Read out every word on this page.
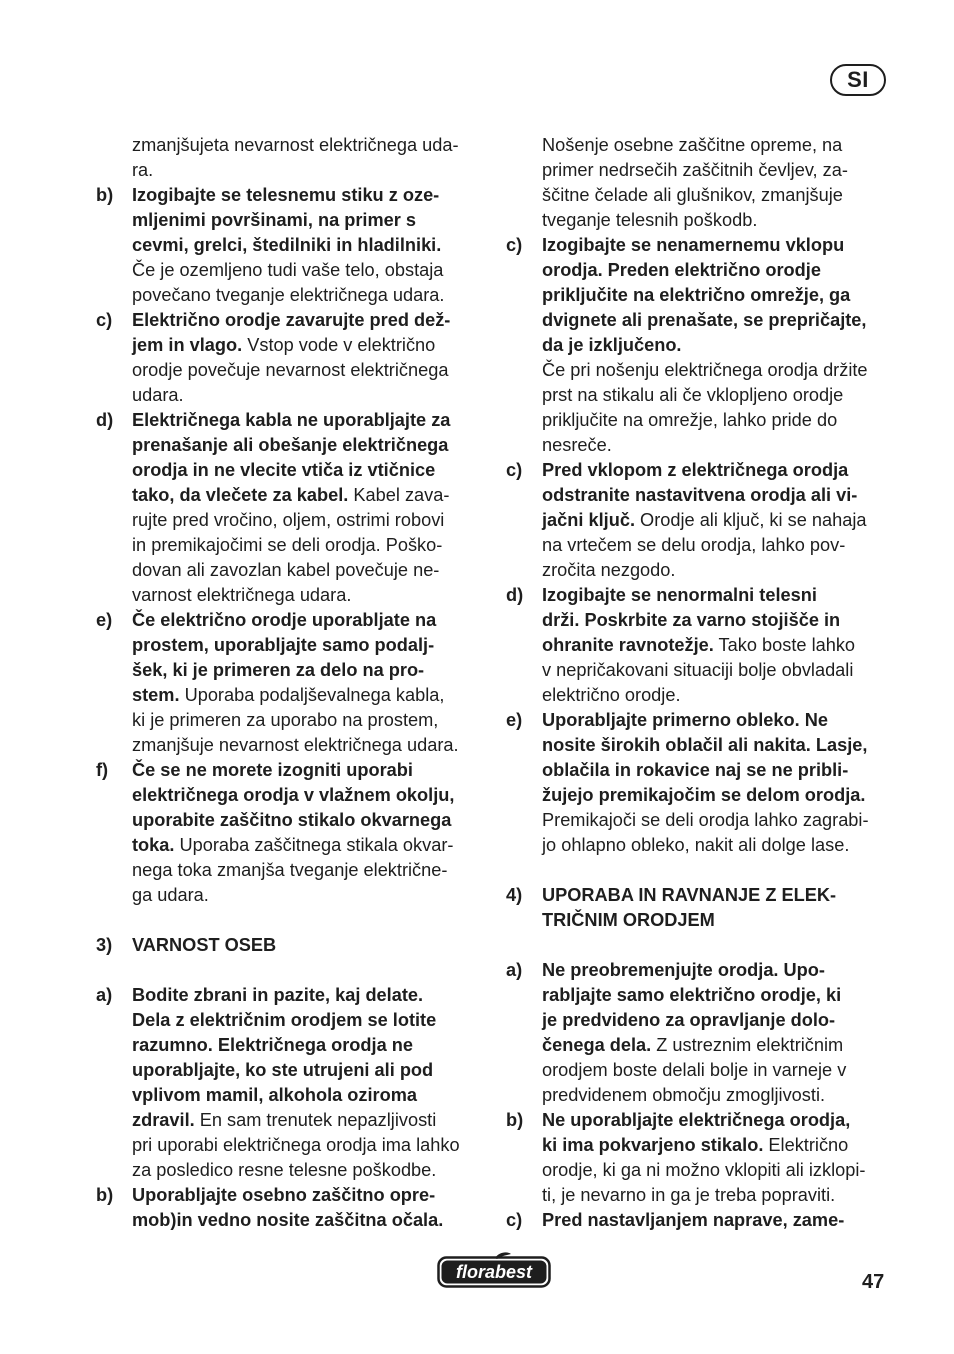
SI
zmanjšujeta nevarnost električnega uda-
ra.
b) Izogibajte se telesnemu stiku z oze-
mljenimi površinami, na primer s
cevmi, grelci, štedilniki in hladilniki.
Če je ozemljeno tudi vaše telo, obstaja
povečano tveganje električnega udara.
c) Električno orodje zavarujte pred dež-
jem in vlago. Vstop vode v električno
orodje povečuje nevarnost električnega
udara.
d) Električnega kabla ne uporabljajte za
prenašanje ali obešanje električnega
orodja in ne vlecite vtiča iz vtičnice
tako, da vlečete za kabel. Kabel zava-
rujte pred vročino, oljem, ostrimi robovi
in premikajočimi se deli orodja. Poško-
dovan ali zavozlan kabel povečuje ne-
varnost električnega udara.
e) Če električno orodje uporabljate na
prostem, uporabljajte samo podalj-
šek, ki je primeren za delo na pro-
stem. Uporaba podaljševalnega kabla,
ki je primeren za uporabo na prostem,
zmanjšuje nevarnost električnega udara.
f) Če se ne morete izogniti uporabi
električnega orodja v vlažnem okolju,
uporabite zaščitno stikalo okvarnega
toka. Uporaba zaščitnega stikala okvar-
nega toka zmanjša tveganje električne-
ga udara.
3) VARNOST OSEB
a) Bodite zbrani in pazite, kaj delate.
Dela z električnim orodjem se lotite
razumno. Električnega orodja ne
uporabljajte, ko ste utrujeni ali pod
vplivom mamil, alkohola oziroma
zdravil. En sam trenutek nepazljivosti
pri uporabi električnega orodja ima lahko
za posledico resne telesne poškodbe.
b) Uporabljajte osebno zaščitno opre-
mob)in vedno nosite zaščitna očala.
Nošenje osebne zaščitne opreme, na
primer nedrsečih zaščitnih čevljev, za-
ščitne čelade ali glušnikov, zmanjšuje
tveganje telesnih poškodb.
c) Izogibajte se nenamernemu vklopu
orodja. Preden električno orodje
priključite na električno omrežje, ga
dvignete ali prenašate, se prepričajte,
da je izključeno.
Če pri nošenju električnega orodja držite
prst na stikalu ali če vklopljeno orodje
priključite na omrežje, lahko pride do
nesreče.
c) Pred vklopom z električnega orodja
odstranite nastavitvena orodja ali vi-
jačni ključ. Orodje ali ključ, ki se nahaja
na vrtečem se delu orodja, lahko pov-
zročita nezgodo.
d) Izogibajte se nenormalni telesni
drži. Poskrbite za varno stojišče in
ohranite ravnotežje. Tako boste lahko
v nepričakovani situaciji bolje obvladali
električno orodje.
e) Uporabljajte primerno obleko. Ne
nosite širokih oblačil ali nakita. Lasje,
oblačila in rokavice naj se ne pribli-
žujejo premikajočim se delom orodja.
Premikajoči se deli orodja lahko zagrabi-
jo ohlapno obleko, nakit ali dolge lase.
4) UPORABA IN RAVNANJE Z ELEK-
TRIČNIM ORODJEM
a) Ne preobremenjujte orodja. Upo-
rabljajte samo električno orodje, ki
je predvideno za opravljanje dolo-
čenega dela. Z ustreznim električnim
orodjem boste delali bolje in varneje v
predvidenem območju zmogljivosti.
b) Ne uporabljajte električnega orodja,
ki ima pokvarjeno stikalo. Električno
orodje, ki ga ni možno vklopiti ali izklopi-
ti, je nevarno in ga je treba popraviti.
c) Pred nastavljanjem naprave, zame-
florabest	47
